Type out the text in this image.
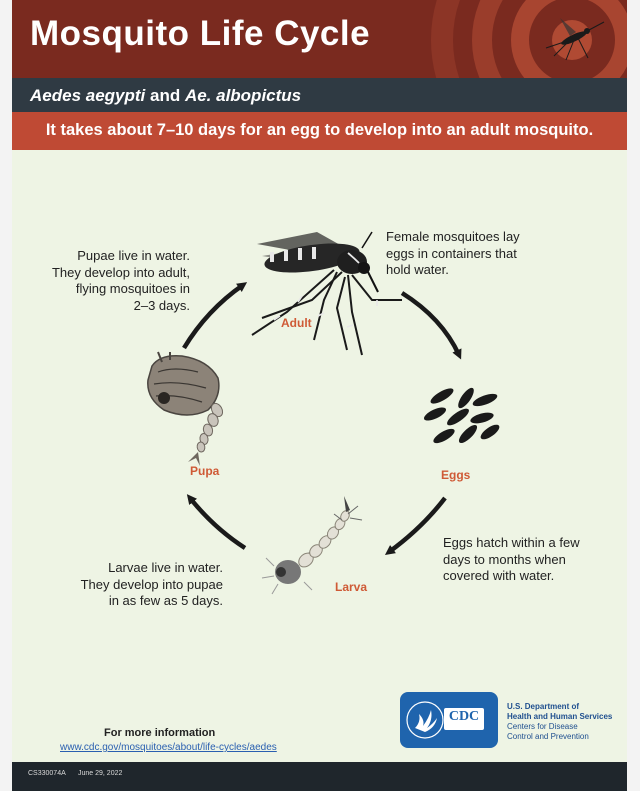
Mosquito Life Cycle
Aedes aegypti and Ae. albopictus
It takes about 7–10 days for an egg to develop into an adult mosquito.
Adult
Eggs
Larva
Pupa
Female mosquitoes lay
eggs in containers that
hold water.
Eggs hatch within a few
days to months when
covered with water.
Larvae live in water.
They develop into pupae
in as few as 5 days.
Pupae live in water.
They develop into adult,
flying mosquitoes in
2–3 days.
For more information
www.cdc.gov/mosquitoes/about/life-cycles/aedes
CDC
U.S. Department of
Health and Human Services
Centers for Disease
Control and Prevention
CS330074A June 29, 2022
